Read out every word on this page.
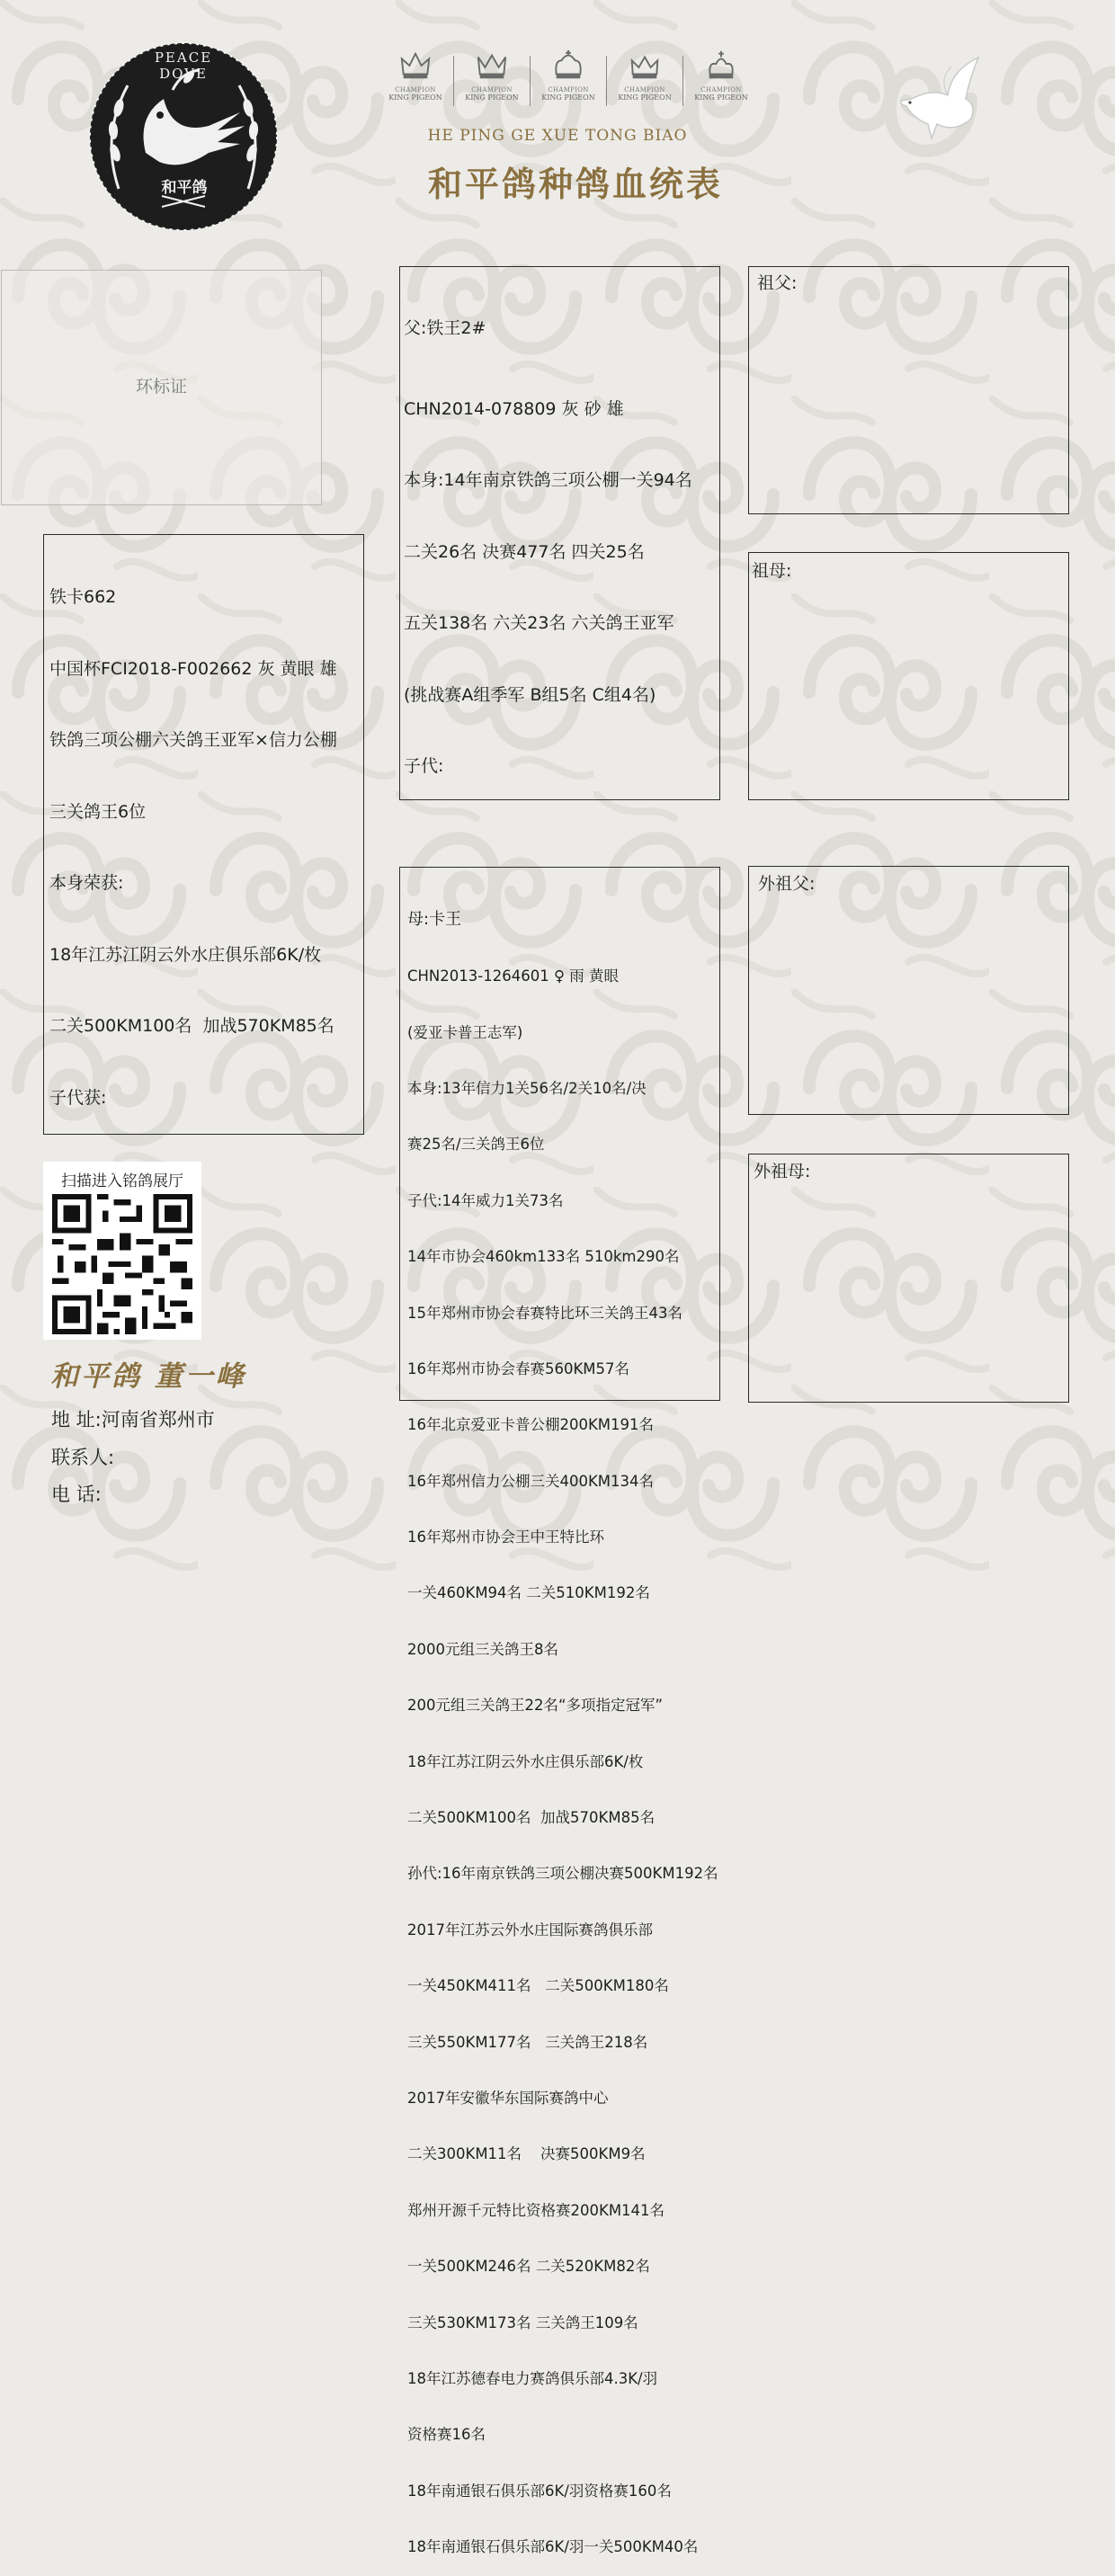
PEACE DOVE
和平鸽
CHAMPION
KING PIGEON
CHAMPION
KING PIGEON
CHAMPION
KING PIGEON
CHAMPION
KING PIGEON
CHAMPION
KING PIGEON
HE PING GE XUE TONG BIAO
和平鸽种鸽血统表
环标证

铁卡662

中国杯FCI2018-F002662 灰 黄眼 雄

铁鸽三项公棚六关鸽王亚军×信力公棚

三关鸽王6位

本身荣获:

18年江苏江阴云外水庄俱乐部6K/枚

二关500KM100名  加战570KM85名

子代获:

父:铁王2#

CHN2014-078809 灰 砂 雄

本身:14年南京铁鸽三项公棚一关94名

二关26名 决赛477名 四关25名

五关138名 六关23名 六关鸽王亚军

(挑战赛A组季军 B组5名 C组4名)

子代:

母:卡王

CHN2013-1264601 ♀ 雨 黄眼

(爱亚卡普王志军)

本身:13年信力1关56名/2关10名/决

赛25名/三关鸽王6位

子代:14年威力1关73名

14年市协会460km133名 510km290名

15年郑州市协会春赛特比环三关鸽王43名

16年郑州市协会春赛560KM57名

16年北京爱亚卡普公棚200KM191名

16年郑州信力公棚三关400KM134名

16年郑州市协会王中王特比环

一关460KM94名 二关510KM192名

2000元组三关鸽王8名

200元组三关鸽王22名“多项指定冠军”

18年江苏江阴云外水庄俱乐部6K/枚

二关500KM100名  加战570KM85名

孙代:16年南京铁鸽三项公棚决赛500KM192名

2017年江苏云外水庄国际赛鸽俱乐部

一关450KM411名   二关500KM180名

三关550KM177名   三关鸽王218名

2017年安徽华东国际赛鸽中心

二关300KM11名    决赛500KM9名

郑州开源千元特比资格赛200KM141名

一关500KM246名 二关520KM82名

三关530KM173名 三关鸽王109名

18年江苏德春电力赛鸽俱乐部4.3K/羽

资格赛16名

18年南通银石俱乐部6K/羽资格赛160名

18年南通银石俱乐部6K/羽一关500KM40名

祖父:
祖母:
外祖父:
外祖母:
扫描进入铭鸽展厅
和平鸽 董一峰
地 址:河南省郑州市
联系人:
电 话:
